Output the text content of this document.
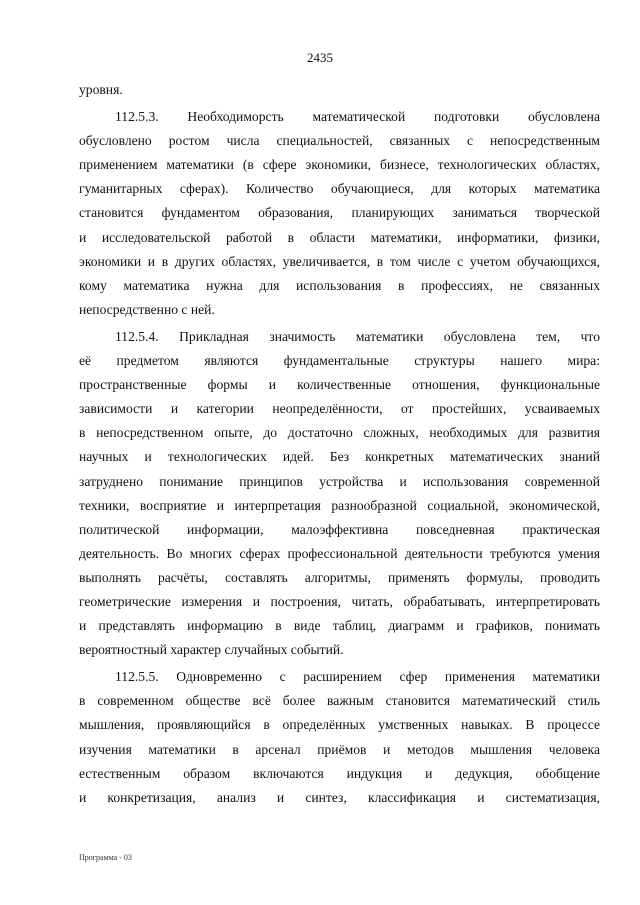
2435
уровня.
112.5.3. Необходиморсть математической подготовки обусловлена
обусловлено ростом числа специальностей, связанных с непосредственным
применением математики (в сфере экономики, бизнесе, технологических областях,
гуманитарных сферах). Количество обучающиеся, для которых математика
становится фундаментом образования, планирующих заниматься творческой
и исследовательской работой в области математики, информатики, физики,
экономики и в других областях, увеличивается, в том числе с учетом обучающихся,
кому математика нужна для использования в профессиях, не связанных
непосредственно с ней.
112.5.4. Прикладная значимость математики обусловлена тем, что
её предметом являются фундаментальные структуры нашего мира:
пространственные формы и количественные отношения, функциональные
зависимости и категории неопределённости, от простейших, усваиваемых
в непосредственном опыте, до достаточно сложных, необходимых для развития
научных и технологических идей. Без конкретных математических знаний
затруднено понимание принципов устройства и использования современной
техники, восприятие и интерпретация разнообразной социальной, экономической,
политической информации, малоэффективна повседневная практическая
деятельность. Во многих сферах профессиональной деятельности требуются умения
выполнять расчёты, составлять алгоритмы, применять формулы, проводить
геометрические измерения и построения, читать, обрабатывать, интерпретировать
и представлять информацию в виде таблиц, диаграмм и графиков, понимать
вероятностный характер случайных событий.
112.5.5. Одновременно с расширением сфер применения математики
в современном обществе всё более важным становится математический стиль
мышления, проявляющийся в определённых умственных навыках. В процессе
изучения математики в арсенал приёмов и методов мышления человека
естественным образом включаются индукция и дедукция, обобщение
и конкретизация, анализ и синтез, классификация и систематизация,
Программа - 03
